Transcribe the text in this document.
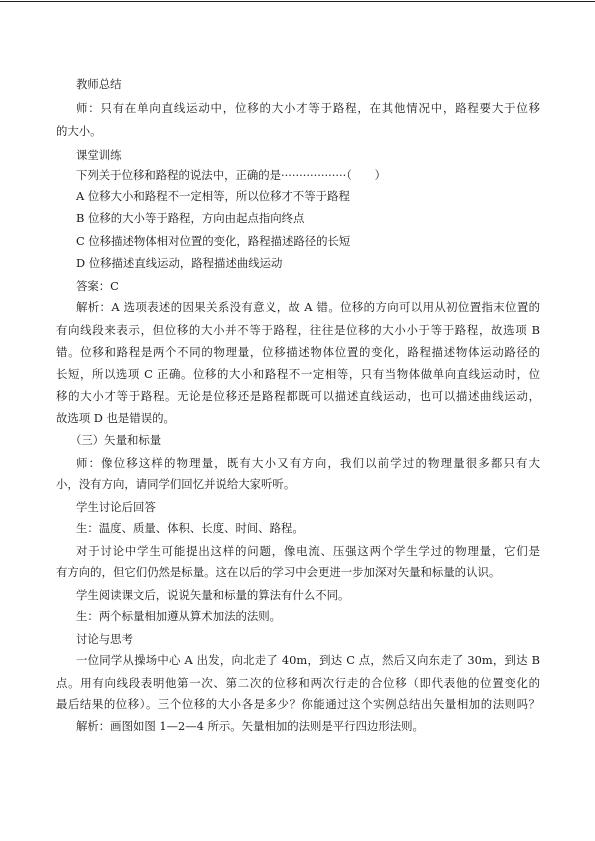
教师总结
师：只有在单向直线运动中，位移的大小才等于路程，在其他情况中，路程要大于位移
的大小。
课堂训练
下列关于位移和路程的说法中，正确的是··················（　　）
A 位移大小和路程不一定相等，所以位移才不等于路程
B 位移的大小等于路程，方向由起点指向终点
C 位移描述物体相对位置的变化，路程描述路径的长短
D 位移描述直线运动，路程描述曲线运动
答案：C
解析：A 选项表述的因果关系没有意义，故 A 错。位移的方向可以用从初位置指末位置的
有向线段来表示，但位移的大小并不等于路程，往往是位移的大小小于等于路程，故选项 B
错。位移和路程是两个不同的物理量，位移描述物体位置的变化，路程描述物体运动路径的
长短，所以选项 C 正确。位移的大小和路程不一定相等，只有当物体做单向直线运动时，位
移的大小才等于路程。无论是位移还是路程都既可以描述直线运动，也可以描述曲线运动，
故选项 D 也是错误的。
（三）矢量和标量
师：像位移这样的物理量，既有大小又有方向，我们以前学过的物理量很多都只有大
小，没有方向，请同学们回忆并说给大家听听。
学生讨论后回答
生：温度、质量、体积、长度、时间、路程。
对于讨论中学生可能提出这样的问题，像电流、压强这两个学生学过的物理量，它们是
有方向的，但它们仍然是标量。这在以后的学习中会更进一步加深对矢量和标量的认识。
学生阅读课文后，说说矢量和标量的算法有什么不同。
生：两个标量相加遵从算术加法的法则。
讨论与思考
一位同学从操场中心 A 出发，向北走了 40m，到达 C 点，然后又向东走了 30m，到达 B
点。用有向线段表明他第一次、第二次的位移和两次行走的合位移（即代表他的位置变化的
最后结果的位移）。三个位移的大小各是多少？你能通过这个实例总结出矢量相加的法则吗？
解析：画图如图 1—2—4 所示。矢量相加的法则是平行四边形法则。
